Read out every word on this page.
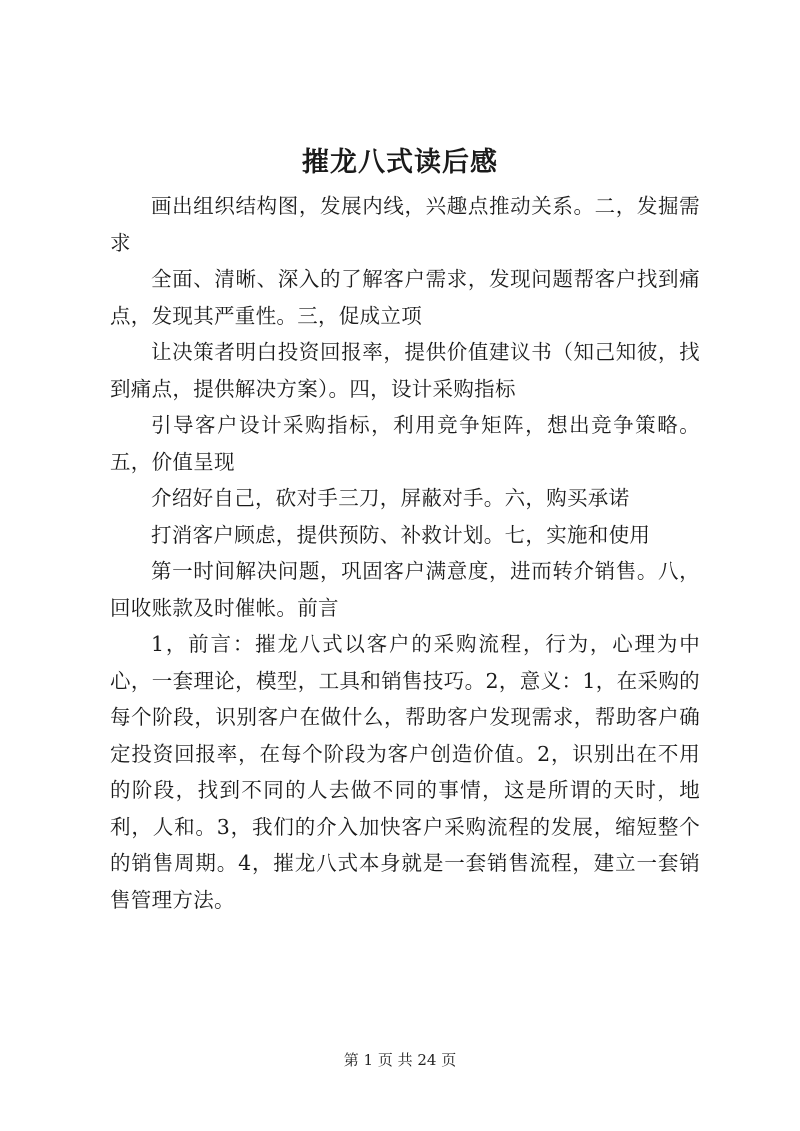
摧龙八式读后感

画出组织结构图，发展内线，兴趣点推动关系。二，发掘需求

全面、清晰、深入的了解客户需求，发现问题帮客户找到痛点，发现其严重性。三，促成立项

让决策者明白投资回报率，提供价值建议书（知己知彼，找到痛点，提供解决方案）。四，设计采购指标

引导客户设计采购指标，利用竞争矩阵，想出竞争策略。五，价值呈现

介绍好自己，砍对手三刀，屏蔽对手。六，购买承诺

打消客户顾虑，提供预防、补救计划。七，实施和使用

第一时间解决问题，巩固客户满意度，进而转介销售。八，回收账款及时催帐。前言

1，前言：摧龙八式以客户的采购流程，行为，心理为中心，一套理论，模型，工具和销售技巧。2，意义：1，在采购的每个阶段，识别客户在做什么，帮助客户发现需求，帮助客户确定投资回报率，在每个阶段为客户创造价值。2，识别出在不用的阶段，找到不同的人去做不同的事情，这是所谓的天时，地利，人和。3，我们的介入加快客户采购流程的发展，缩短整个的销售周期。4，摧龙八式本身就是一套销售流程，建立一套销售管理方法。

第 1 页 共 24 页
